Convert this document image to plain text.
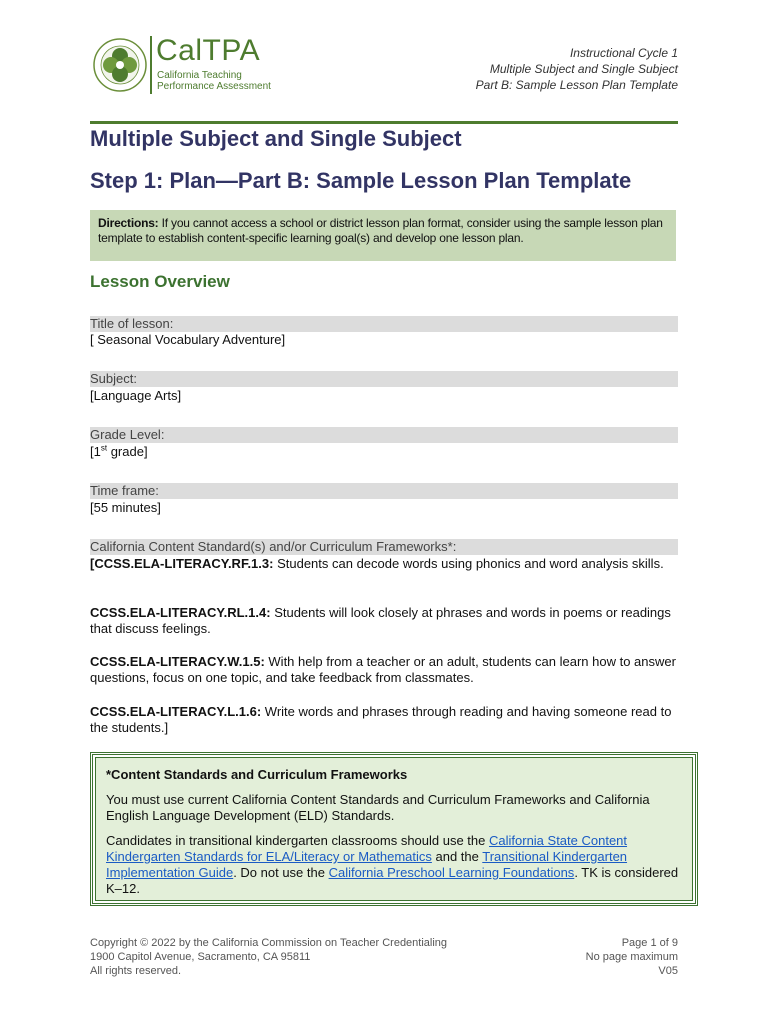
CalTPA
California Teaching
Performance Assessment
Instructional Cycle 1
Multiple Subject and Single Subject
Part B: Sample Lesson Plan Template
Multiple Subject and Single Subject
Step 1: Plan—Part B: Sample Lesson Plan Template
Directions: If you cannot access a school or district lesson plan format, consider using the sample lesson plan template to establish content-specific learning goal(s) and develop one lesson plan.
Lesson Overview
Title of lesson:
[ Seasonal Vocabulary Adventure]
Subject:
[Language Arts]
Grade Level:
[1st grade]
Time frame:
[55 minutes]
California Content Standard(s) and/or Curriculum Frameworks*:
[CCSS.ELA-LITERACY.RF.1.3: Students can decode words using phonics and word analysis skills.
CCSS.ELA-LITERACY.RL.1.4: Students will look closely at phrases and words in poems or readings that discuss feelings.
CCSS.ELA-LITERACY.W.1.5: With help from a teacher or an adult, students can learn how to answer questions, focus on one topic, and take feedback from classmates.
CCSS.ELA-LITERACY.L.1.6: Write words and phrases through reading and having someone read to the students.]
*Content Standards and Curriculum Frameworks

You must use current California Content Standards and Curriculum Frameworks and California English Language Development (ELD) Standards.

Candidates in transitional kindergarten classrooms should use the California State Content Kindergarten Standards for ELA/Literacy or Mathematics and the Transitional Kindergarten Implementation Guide. Do not use the California Preschool Learning Foundations. TK is considered K–12.

Copyright © 2022 by the California Commission on Teacher Credentialing
1900 Capitol Avenue, Sacramento, CA 95811
All rights reserved.
Page 1 of 9
No page maximum
V05
